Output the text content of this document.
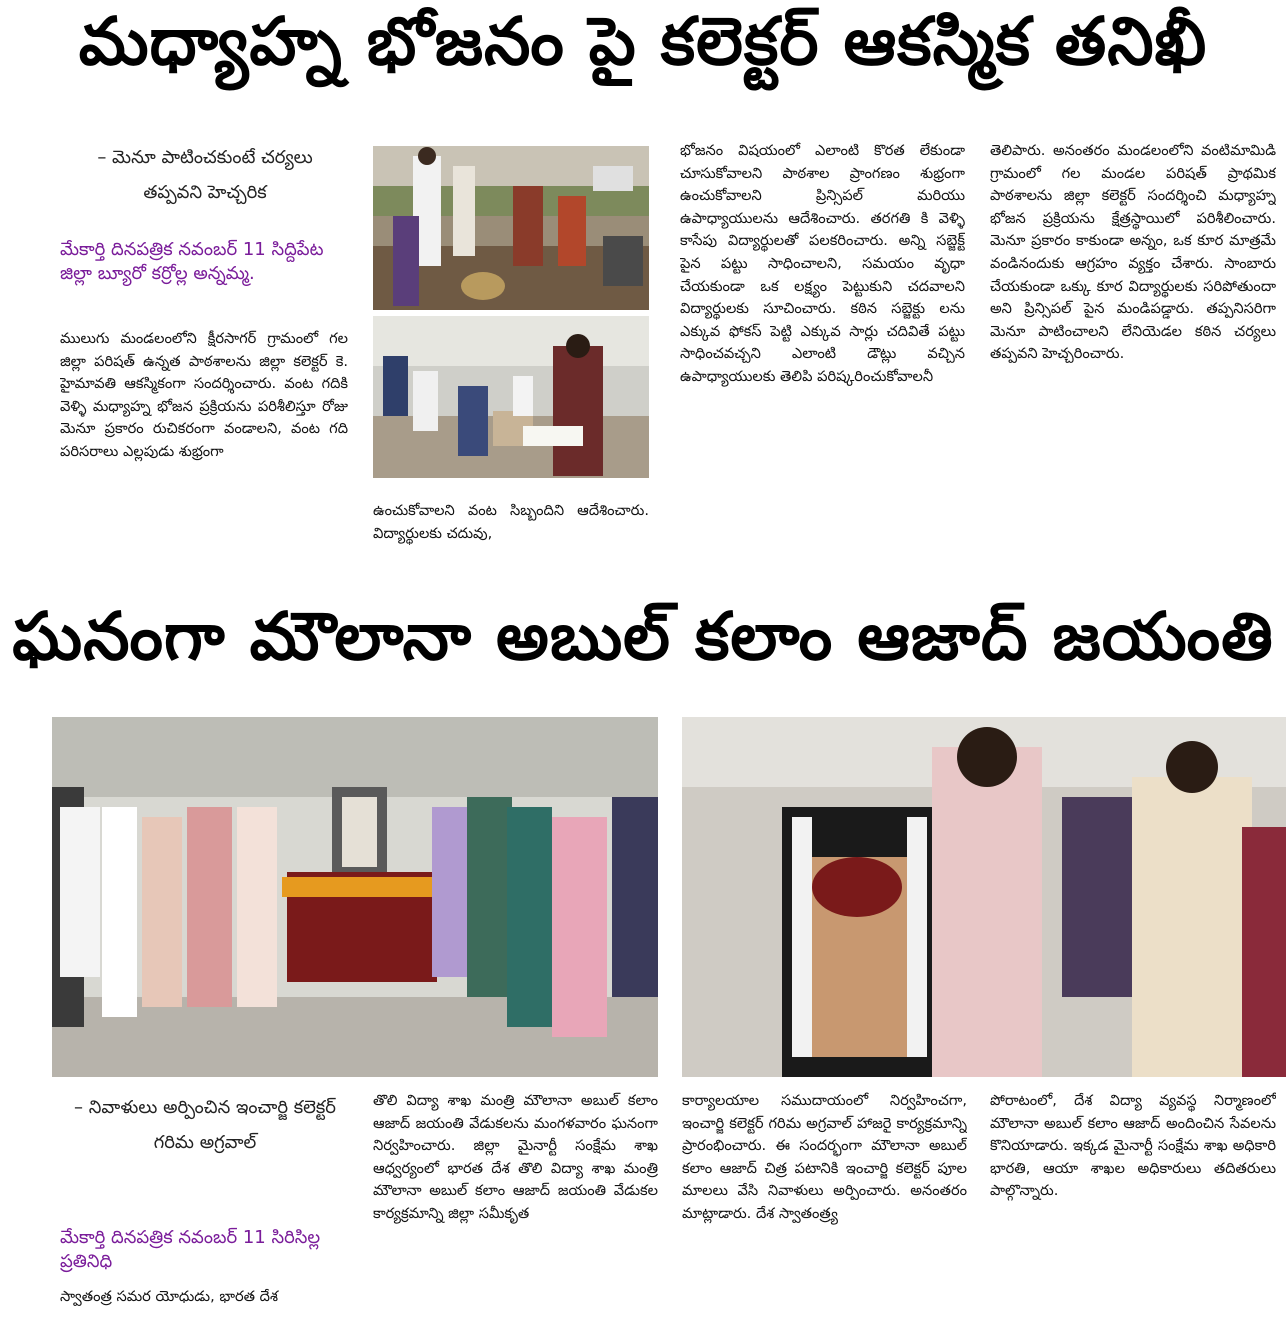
మధ్యాహ్న భోజనం పై కలెక్టర్ ఆకస్మిక తనిఖీ
– మెనూ పాటించకుంటే చర్యలు తప్పవని హెచ్చరిక
మేకార్తి దినపత్రిక నవంబర్ 11 సిద్దిపేట జిల్లా బ్యూరో కర్రోల్ల అన్నమ్మ.
ములుగు మండలంలోని క్షీరసాగర్ గ్రామంలో గల జిల్లా పరిషత్ ఉన్నత పాఠశాలను జిల్లా కలెక్టర్ కె. హైమావతి ఆకస్మికంగా సందర్శించారు. వంట గదికి వెళ్ళి మధ్యాహ్న భోజన ప్రక్రియను పరిశీలిస్తూ రోజు మెనూ ప్రకారం రుచికరంగా వండాలని, వంట గది పరిసరాలు ఎల్లపుడు శుభ్రంగా
ఉంచుకోవాలని వంట సిబ్బందిని ఆదేశించారు. విద్యార్థులకు చదువు,
భోజనం విషయంలో ఎలాంటి కొరత లేకుండా చూసుకోవాలని పాఠశాల ప్రాంగణం శుభ్రంగా ఉంచుకోవాలని ప్రిన్సిపల్ మరియు ఉపాధ్యాయులను ఆదేశించారు. తరగతి కి వెళ్ళి కాసేపు విద్యార్థులతో పలకరించారు. అన్ని సబ్జెక్ట్ పైన పట్టు సాధించాలని, సమయం వృధా చేయకుండా ఒక లక్ష్యం పెట్టుకుని చదవాలని విద్యార్థులకు సూచించారు. కఠిన సబ్జెక్టు లను ఎక్కువ ఫోకస్ పెట్టి ఎక్కువ సార్లు చదివితే పట్టు సాధించవచ్చని ఎలాంటి డౌట్లు వచ్చిన ఉపాధ్యాయులకు తెలిపి పరిష్కరించుకోవాలనీ
తెలిపారు. అనంతరం మండలంలోని వంటిమామిడి గ్రామంలో గల మండల పరిషత్ ప్రాథమిక పాఠశాలను జిల్లా కలెక్టర్ సందర్శించి మధ్యాహ్న భోజన ప్రక్రియను క్షేత్రస్థాయిలో పరిశీలించారు. మెనూ ప్రకారం కాకుండా అన్నం, ఒక కూర మాత్రమే వండినందుకు ఆగ్రహం వ్యక్తం చేశారు. సాంబారు చేయకుండా ఒక్కు కూర విద్యార్థులకు సరిపోతుందా అని ప్రిన్సిపల్ పైన మండిపడ్డారు. తప్పనిసరిగా మెనూ పాటించాలని లేనియెడల కఠిన చర్యలు తప్పవని హెచ్చరించారు.
ఘనంగా మౌలానా అబుల్ కలాం ఆజాద్ జయంతి
– నివాళులు అర్పించిన ఇంచార్జి కలెక్టర్ గరిమ అగ్రవాల్
మేకార్తి దినపత్రిక నవంబర్ 11 సిరిసిల్ల ప్రతినిధి
స్వాతంత్ర సమర యోధుడు, భారత దేశ
తొలి విద్యా శాఖ మంత్రి మౌలానా అబుల్ కలాం ఆజాద్ జయంతి వేడుకలను మంగళవారం ఘనంగా నిర్వహించారు. జిల్లా మైనార్టీ సంక్షేమ శాఖ ఆధ్వర్యంలో భారత దేశ తొలి విద్యా శాఖ మంత్రి మౌలానా అబుల్ కలాం ఆజాద్ జయంతి వేడుకల కార్యక్రమాన్ని జిల్లా సమీకృత
కార్యాలయాల సముదాయంలో నిర్వహించగా, ఇంచార్జి కలెక్టర్ గరిమ అగ్రవాల్ హాజరై కార్యక్రమాన్ని ప్రారంభించారు. ఈ సందర్భంగా మౌలానా అబుల్ కలాం ఆజాద్ చిత్ర పటానికి ఇంచార్జి కలెక్టర్ పూల మాలలు వేసి నివాళులు అర్పించారు. అనంతరం మాట్లాడారు. దేశ స్వాతంత్ర్య
పోరాటంలో, దేశ విద్యా వ్యవస్థ నిర్మాణంలో మౌలానా అబుల్ కలాం ఆజాద్ అందించిన సేవలను కొనియాడారు. ఇక్కడ మైనార్టీ సంక్షేమ శాఖ అధికారి భారతి, ఆయా శాఖల అధికారులు తదితరులు పాల్గొన్నారు.
